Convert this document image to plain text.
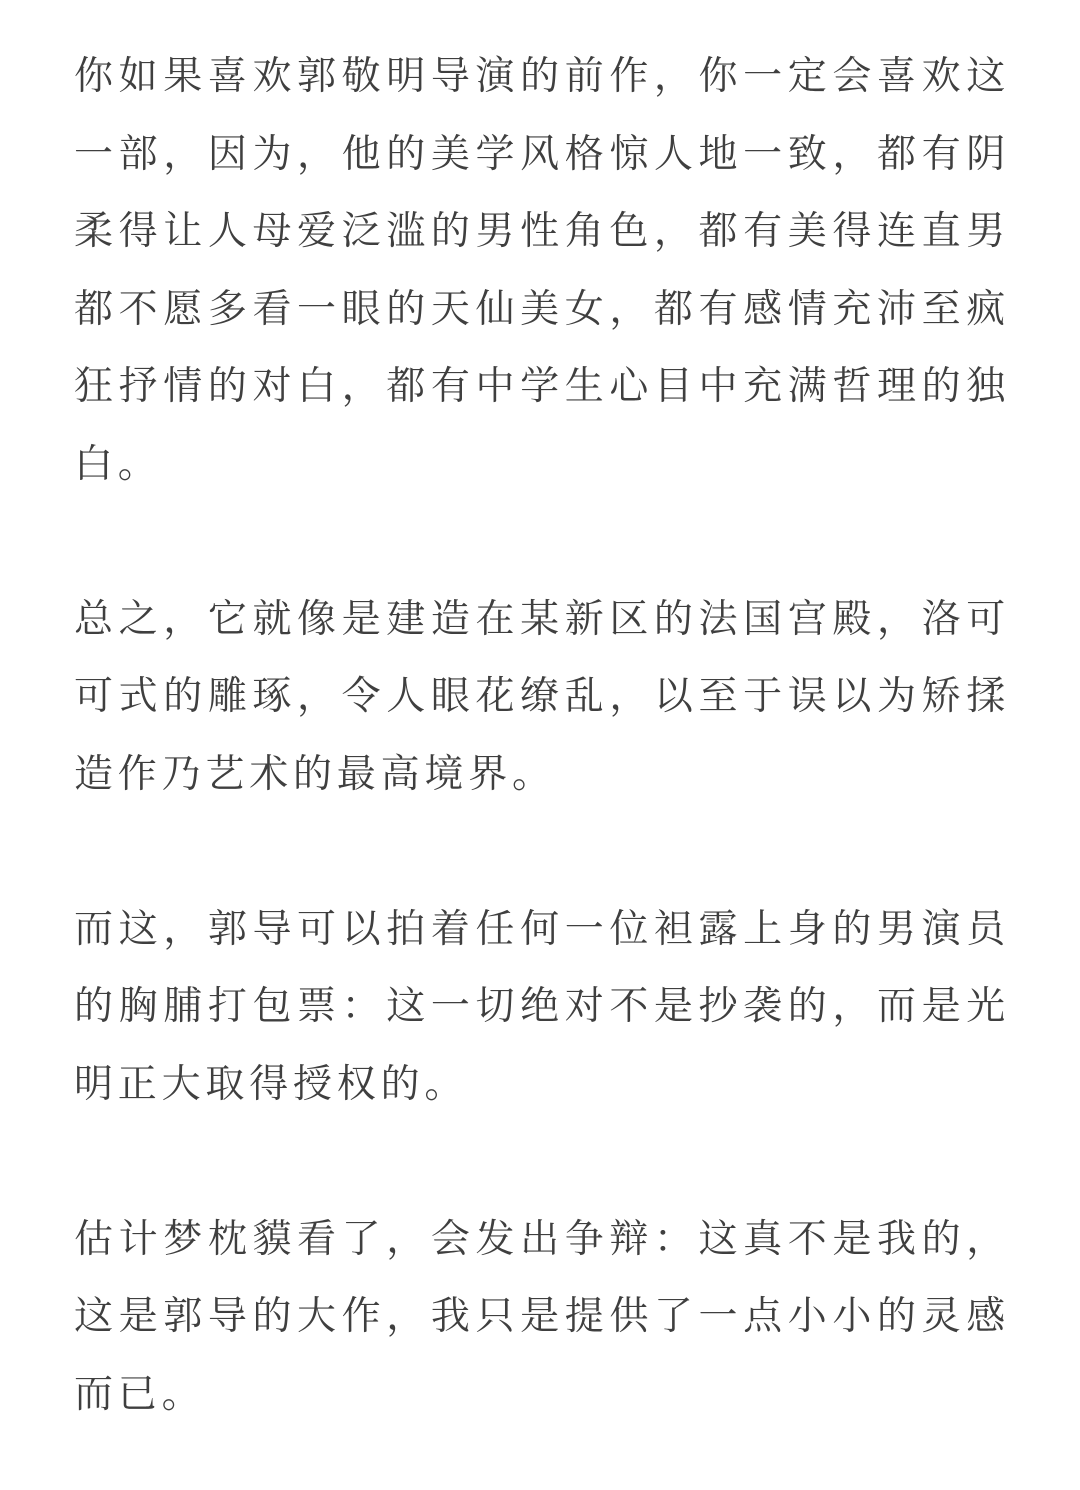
你如果喜欢郭敬明导演的前作，你一定会喜欢这一部，因为，他的美学风格惊人地一致，都有阴柔得让人母爱泛滥的男性角色，都有美得连直男都不愿多看一眼的天仙美女，都有感情充沛至疯狂抒情的对白，都有中学生心目中充满哲理的独白。

总之，它就像是建造在某新区的法国宫殿，洛可可式的雕琢，令人眼花缭乱，以至于误以为矫揉造作乃艺术的最高境界。

而这，郭导可以拍着任何一位袒露上身的男演员的胸脯打包票：这一切绝对不是抄袭的，而是光明正大取得授权的。

估计梦枕貘看了，会发出争辩：这真不是我的，这是郭导的大作，我只是提供了一点小小的灵感而已。
